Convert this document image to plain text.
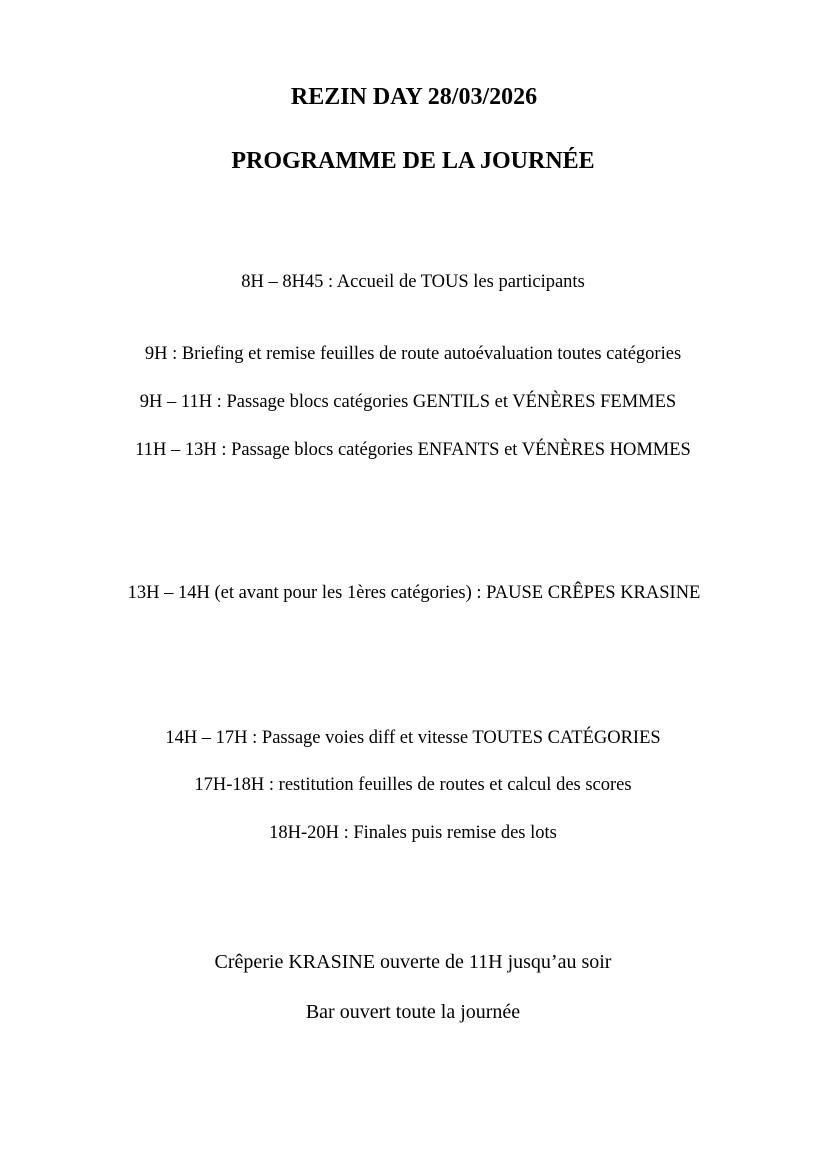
REZIN DAY 28/03/2026

PROGRAMME DE LA JOURNÉE

8H – 8H45 : Accueil de TOUS les participants

9H : Briefing et remise feuilles de route autoévaluation toutes catégories

9H – 11H : Passage blocs catégories GENTILS et VÉNÈRES FEMMES

11H – 13H : Passage blocs catégories ENFANTS et VÉNÈRES HOMMES

13H – 14H (et avant pour les 1ères catégories) : PAUSE CRÊPES KRASINE

14H – 17H : Passage voies diff et vitesse TOUTES CATÉGORIES

17H-18H : restitution feuilles de routes et calcul des scores

18H-20H : Finales puis remise des lots

Crêperie KRASINE ouverte de 11H jusqu’au soir

Bar ouvert toute la journée
